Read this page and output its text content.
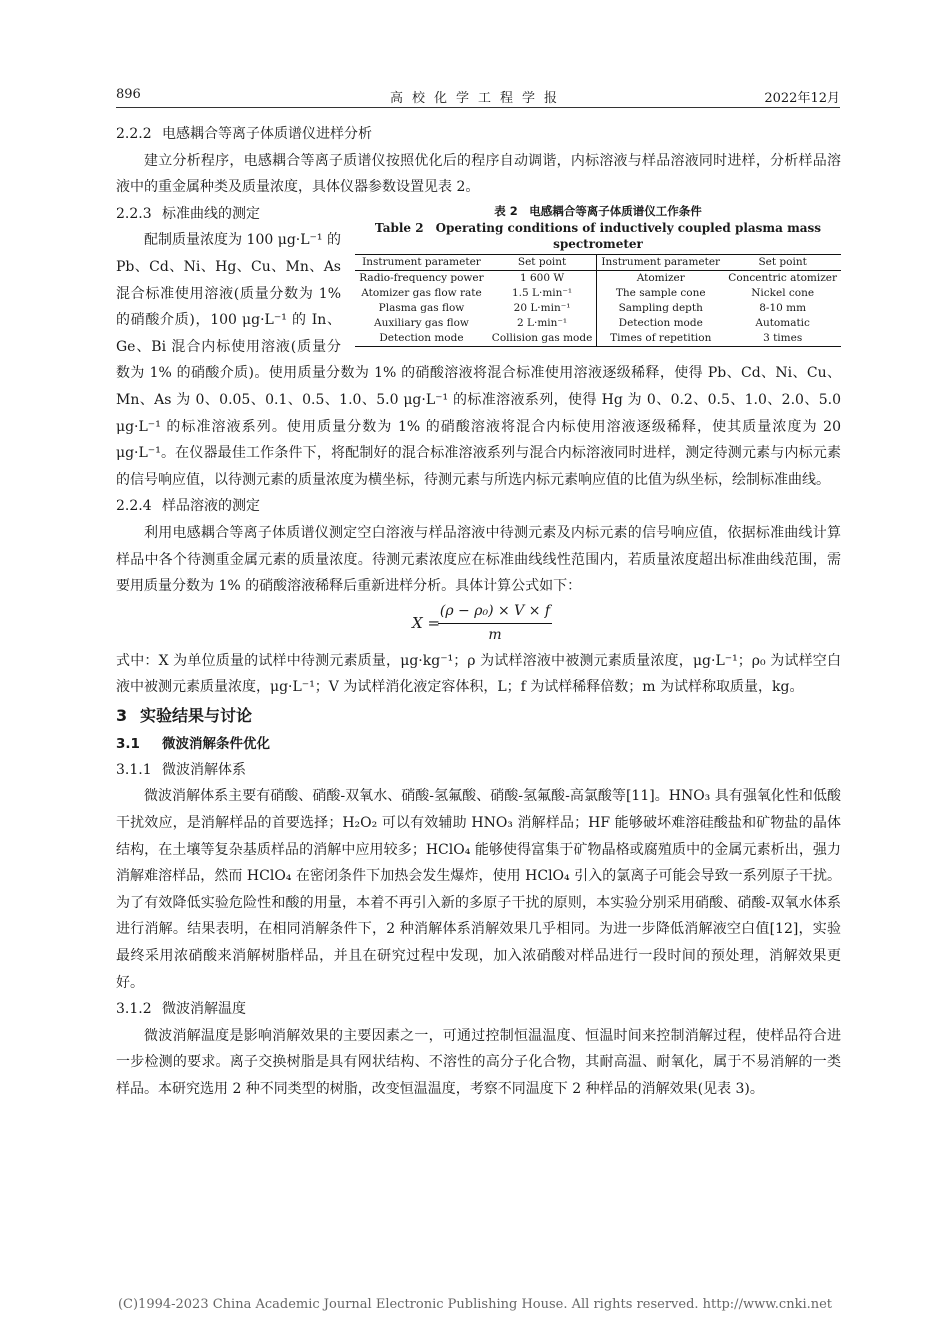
896	高校化学工程学报	2022年12月

2.2.2 电感耦合等离子体质谱仪进样分析

建立分析程序，电感耦合等离子质谱仪按照优化后的程序自动调谐，内标溶液与样品溶液同时进样，分析样品溶液中的重金属种类及质量浓度，具体仪器参数设置见表 2。

表 2　电感耦合等离子体质谱仪工作条件
Table 2　Operating conditions of inductively coupled plasma mass spectrometer
Instrument parameter	Set point	Instrument parameter	Set point
Radio-frequency power	1 600 W	Atomizer	Concentric atomizer
Atomizer gas flow rate	1.5 L·min⁻¹	The sample cone	Nickel cone
Plasma gas flow	20 L·min⁻¹	Sampling depth	8-10 mm
Auxiliary gas flow	2 L·min⁻¹	Detection mode	Automatic
Detection mode	Collision gas mode	Times of repetition	3 times

2.2.3 标准曲线的测定

配制质量浓度为 100 μg·L⁻¹ 的 Pb、Cd、Ni、Hg、Cu、Mn、As 混合标准使用溶液(质量分数为 1% 的硝酸介质)，100 μg·L⁻¹ 的 In、Ge、Bi 混合内标使用溶液(质量分数为 1% 的硝酸介质)。使用质量分数为 1% 的硝酸溶液将混合标准使用溶液逐级稀释，使得 Pb、Cd、Ni、Cu、Mn、As 为 0、0.05、0.1、0.5、1.0、5.0 μg·L⁻¹ 的标准溶液系列，使得 Hg 为 0、0.2、0.5、1.0、2.0、5.0 μg·L⁻¹ 的标准溶液系列。使用质量分数为 1% 的硝酸溶液将混合内标使用溶液逐级稀释，使其质量浓度为 20 μg·L⁻¹。在仪器最佳工作条件下，将配制好的混合标准溶液系列与混合内标溶液同时进样，测定待测元素与内标元素的信号响应值，以待测元素的质量浓度为横坐标，待测元素与所选内标元素响应值的比值为纵坐标，绘制标准曲线。

2.2.4 样品溶液的测定

利用电感耦合等离子体质谱仪测定空白溶液与样品溶液中待测元素及内标元素的信号响应值，依据标准曲线计算样品中各个待测重金属元素的质量浓度。待测元素浓度应在标准曲线线性范围内，若质量浓度超出标准曲线范围，需要用质量分数为 1% 的硝酸溶液稀释后重新进样分析。具体计算公式如下：

X =
$\frac{\text{(ρ − ρ₀) × V × f}}{m}$

式中：X 为单位质量的试样中待测元素质量，μg·kg⁻¹；ρ 为试样溶液中被测元素质量浓度，μg·L⁻¹；ρ₀ 为试样空白液中被测元素质量浓度，μg·L⁻¹；V 为试样消化液定容体积，L；f 为试样稀释倍数；m 为试样称取质量，kg。

3 实验结果与讨论

3.1 微波消解条件优化

3.1.1 微波消解体系

微波消解体系主要有硝酸、硝酸-双氧水、硝酸-氢氟酸、硝酸-氢氟酸-高氯酸等[11]。HNO₃ 具有强氧化性和低酸干扰效应，是消解样品的首要选择；H₂O₂ 可以有效辅助 HNO₃ 消解样品；HF 能够破坏难溶硅酸盐和矿物盐的晶体结构，在土壤等复杂基质样品的消解中应用较多；HClO₄ 能够使得富集于矿物晶格或腐殖质中的金属元素析出，强力消解难溶样品，然而 HClO₄ 在密闭条件下加热会发生爆炸，使用 HClO₄ 引入的氯离子可能会导致一系列原子干扰。为了有效降低实验危险性和酸的用量，本着不再引入新的多原子干扰的原则，本实验分别采用硝酸、硝酸-双氧水体系进行消解。结果表明，在相同消解条件下，2 种消解体系消解效果几乎相同。为进一步降低消解液空白值[12]，实验最终采用浓硝酸来消解树脂样品，并且在研究过程中发现，加入浓硝酸对样品进行一段时间的预处理，消解效果更好。

3.1.2 微波消解温度

微波消解温度是影响消解效果的主要因素之一，可通过控制恒温温度、恒温时间来控制消解过程，使样品符合进一步检测的要求。离子交换树脂是具有网状结构、不溶性的高分子化合物，其耐高温、耐氧化，属于不易消解的一类样品。本研究选用 2 种不同类型的树脂，改变恒温温度，考察不同温度下 2 种样品的消解效果(见表 3)。

(C)1994-2023 China Academic Journal Electronic Publishing House. All rights reserved. http://www.cnki.net
